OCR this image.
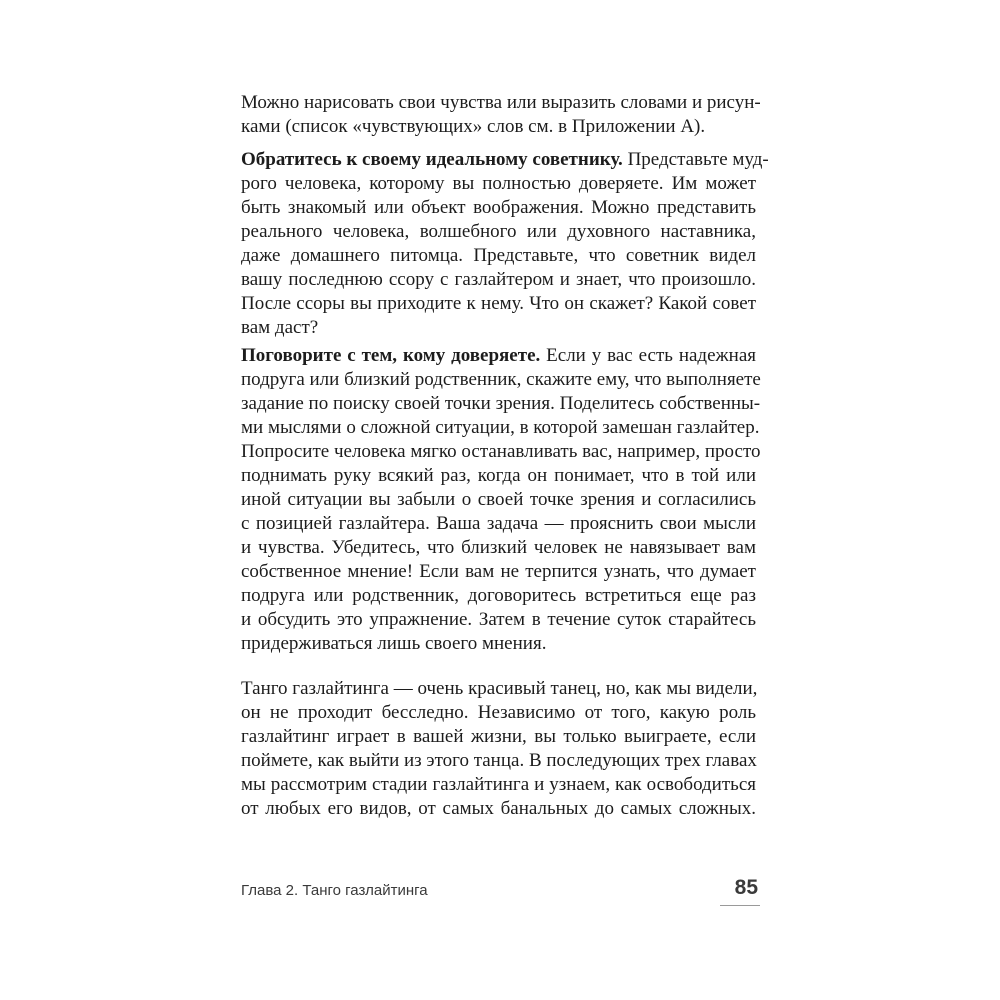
Можно нарисовать свои чувства или выразить словами и рисун-
ками (список «чувствующих» слов см. в Приложении А).
Обратитесь к своему идеальному советнику. Представьте муд-
рого человека, которому вы полностью доверяете. Им может
быть знакомый или объект воображения. Можно представить
реального человека, волшебного или духовного наставника,
даже домашнего питомца. Представьте, что советник видел
вашу последнюю ссору с газлайтером и знает, что произошло.
После ссоры вы приходите к нему. Что он скажет? Какой совет
вам даст?
Поговорите с тем, кому доверяете. Если у вас есть надежная
подруга или близкий родственник, скажите ему, что выполняете
задание по поиску своей точки зрения. Поделитесь собственны-
ми мыслями о сложной ситуации, в которой замешан газлайтер.
Попросите человека мягко останавливать вас, например, просто
поднимать руку всякий раз, когда он понимает, что в той или
иной ситуации вы забыли о своей точке зрения и согласились
с позицией газлайтера. Ваша задача — прояснить свои мысли
и чувства. Убедитесь, что близкий человек не навязывает вам
собственное мнение! Если вам не терпится узнать, что думает
подруга или родственник, договоритесь встретиться еще раз
и обсудить это упражнение. Затем в течение суток старайтесь
придерживаться лишь своего мнения.
Танго газлайтинга — очень красивый танец, но, как мы видели,
он не проходит бесследно. Независимо от того, какую роль
газлайтинг играет в вашей жизни, вы только выиграете, если
поймете, как выйти из этого танца. В последующих трех главах
мы рассмотрим стадии газлайтинга и узнаем, как освободиться
от любых его видов, от самых банальных до самых сложных.
Глава 2. Танго газлайтинга	85
